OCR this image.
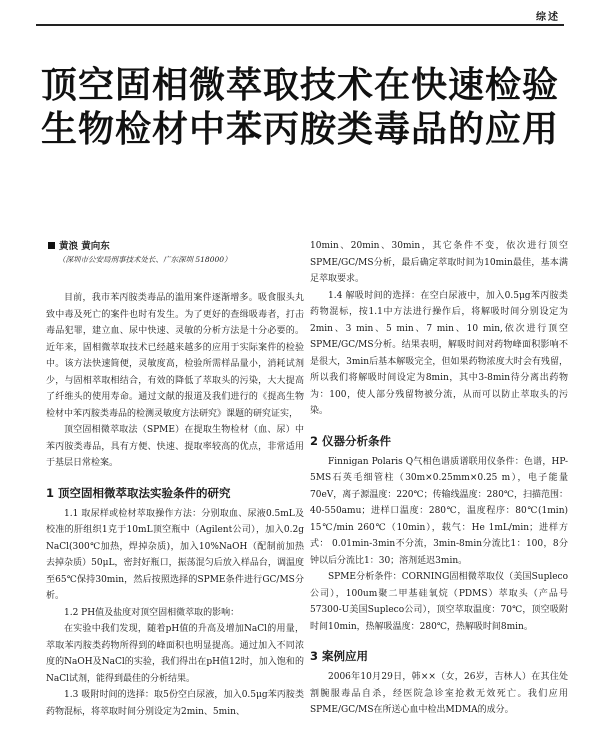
综述
顶空固相微萃取技术在快速检验
生物检材中苯丙胺类毒品的应用
黄浪 黄向东
（深圳市公安局刑事技术处长、广东深圳 518000）

目前，我市苯丙胺类毒品的滥用案件逐渐增多。吸食服头丸致中毒及死亡的案件也时有发生。为了更好的查缉吸毒者，打击毒品犯罪，建立血、尿中快速、灵敏的分析方法是十分必要的。近年来，固相微萃取技术已经越来越多的应用于实际案件的检验中。该方法快速简便，灵敏度高，检验所需样品量小，消耗试剂少，与固相萃取相结合，有效的降低了萃取头的污染，大大提高了纤维头的使用寿命。通过文献的报道及我们进行的《提高生物检材中苯丙胺类毒品的检测灵敏度方法研究》课题的研究证实，

顶空固相微萃取法（SPME）在提取生物检材（血、尿）中苯丙胺类毒品，具有方便、快速、提取率较高的优点，非常适用于基层日常检案。

1 顶空固相微萃取法实验条件的研究

1.1 取尿样或检材萃取操作方法：分别取血、尿液0.5mL及校准的肝组织1克于10mL顶空瓶中（Agilent公司），加入0.2g NaCl(300℃加热，焊掉杂质)，加入10%NaOH（配制前加热去掉杂质）50μL，密封好瓶口，振荡混匀后放入样品台，调温度至65℃保持30min，然后按照选择的SPME条件进行GC/MS分析。

1.2 PH值及盐度对顶空固相微萃取的影响：

在实验中我们发现，随着pH值的升高及增加NaCl的用量，萃取苯丙胺类药物所得到的峰面积也明显提高。通过加入不同浓度的NaOH及NaCl的实验，我们得出在pH值12时，加入饱和的NaCl试剂，能得到最佳的分析结果。

1.3 吸附时间的选择：取5份空白尿液，加入0.5μg苯丙胺类药物混标，将萃取时间分别设定为2min、5min、

10min、20min、30min，其它条件不变，依次进行顶空SPME/GC/MS分析，最后确定萃取时间为10min最佳，基本满足萃取要求。

1.4 解吸时间的选择：在空白尿液中，加入0.5μg苯丙胺类药物混标，按1.1中方法进行操作后，将解吸时间分别设定为2min、3 min、5 min、7 min、10 min,依次进行顶空SPME/GC/MS分析。结果表明，解吸时间对药物峰面积影响不是很大，3min后基本解吸完全，但如果药物浓度大时会有残留，所以我们将解吸时间设定为8min，其中3-8min待分离出药物为：100，使人部分残留物被分流，从而可以防止萃取头的污染。

2 仪器分析条件

Finnigan Polaris Q气相色谱质谱联用仪条件：色谱，HP-5MS石英毛细管柱（30m×0.25mm×0.25 m），电子能量70eV，离子源温度：220℃；传输线温度：280℃，扫描范围：40-550amu；进样口温度：280℃，温度程序：80℃(1min) 15℃/min 260℃（10min），载气：He 1mL/min；进样方式： 0.01min-3min不分流，3min-8min分流比1：100，8分钟以后分流比1：30；溶剂延迟3min。

SPME分析条件：CORNING固相微萃取仪（美国Supleco公司），100um聚二甲基硅氧烷（PDMS）萃取头（产品号57300-U美国Supleco公司），顶空萃取温度：70℃，顶空吸附时间10min，热解吸温度：280℃，热解吸时间8min。

3 案例应用

2006年10月29日，韩××（女，26岁，吉林人）在其住处割腕服毒品自杀，经医院急诊室抢救无效死亡。我们应用SPME/GC/MS在所送心血中检出MDMA的成分。
